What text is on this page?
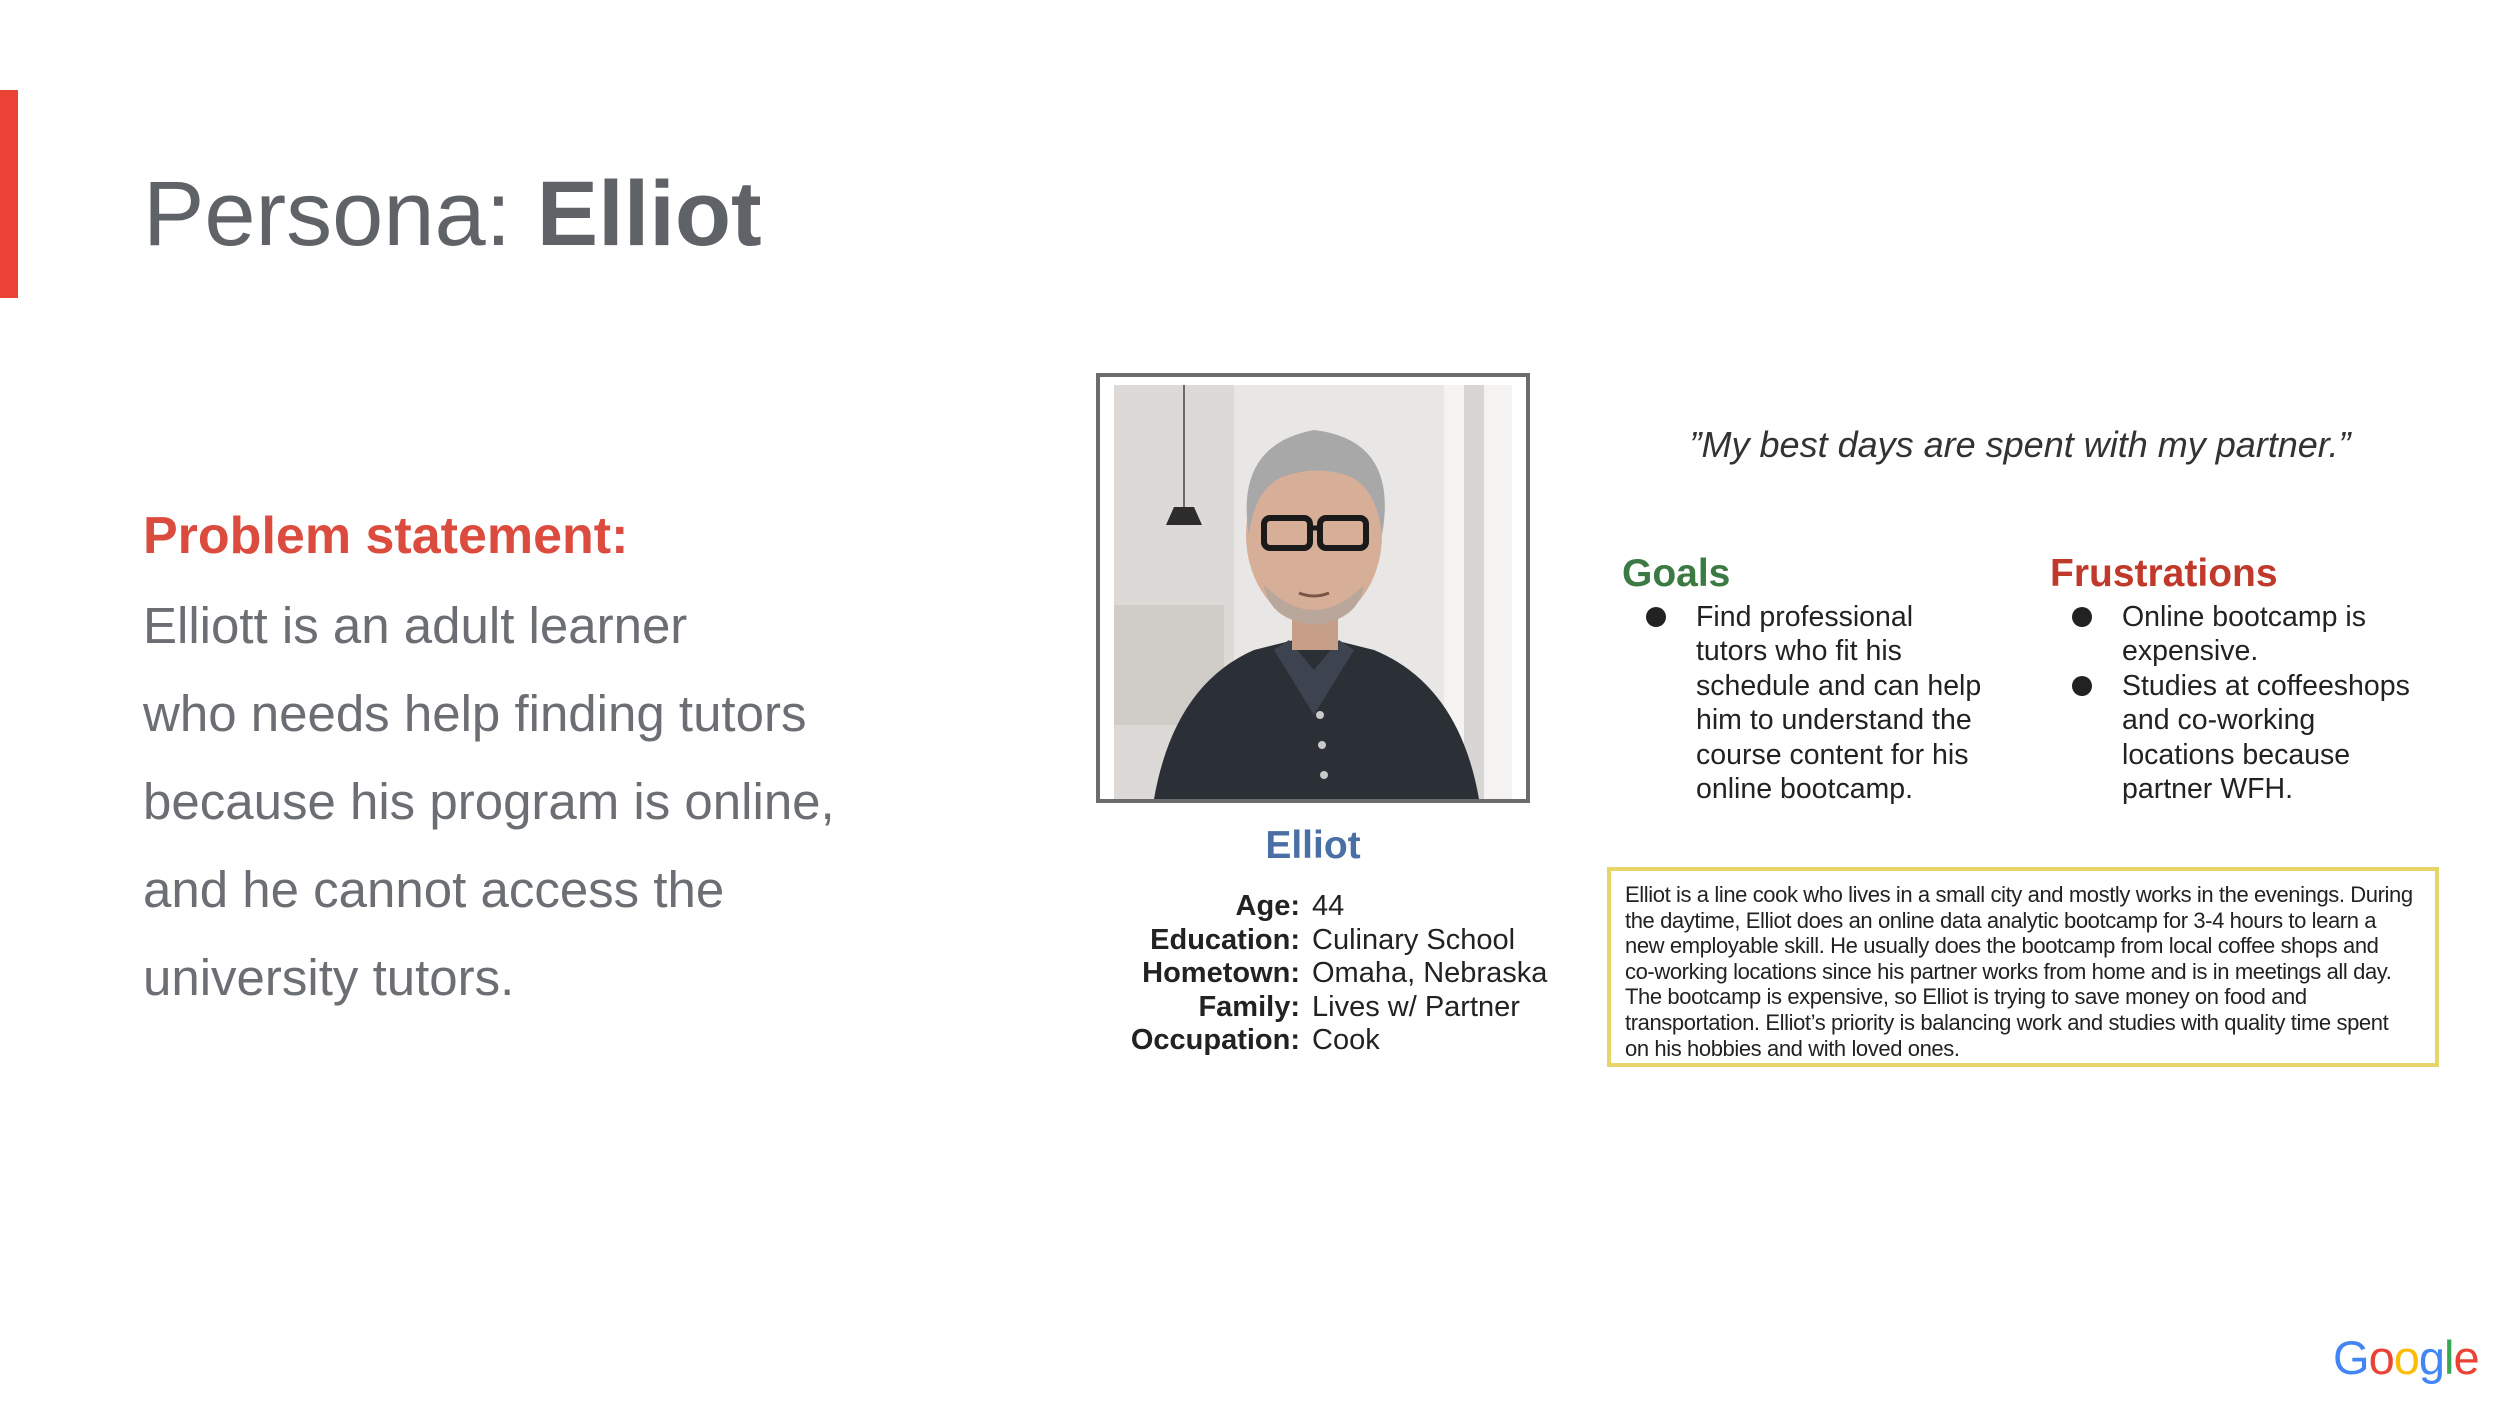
Persona: Elliot
Problem statement:
Elliott is an adult learner
who needs help finding tutors
because his program is online,
and he cannot access the
university tutors.
Elliot
Age: 44
Education: Culinary School
Hometown: Omaha, Nebraska
Family: Lives w/ Partner
Occupation: Cook
”My best days are spent with my partner.”
Goals
Find professional
tutors who fit his
schedule and can help
him to understand the
course content for his
online bootcamp.
Frustrations
Online bootcamp is
expensive.
Studies at coffeeshops
and co-working
locations because
partner WFH.
Elliot is a line cook who lives in a small city and mostly works in the evenings. During
the daytime, Elliot does an online data analytic bootcamp for 3-4 hours to learn a
new employable skill. He usually does the bootcamp from local coffee shops and
co-working locations since his partner works from home and is in meetings all day.
The bootcamp is expensive, so Elliot is trying to save money on food and
transportation. Elliot’s priority is balancing work and studies with quality time spent
on his hobbies and with loved ones.
Google
